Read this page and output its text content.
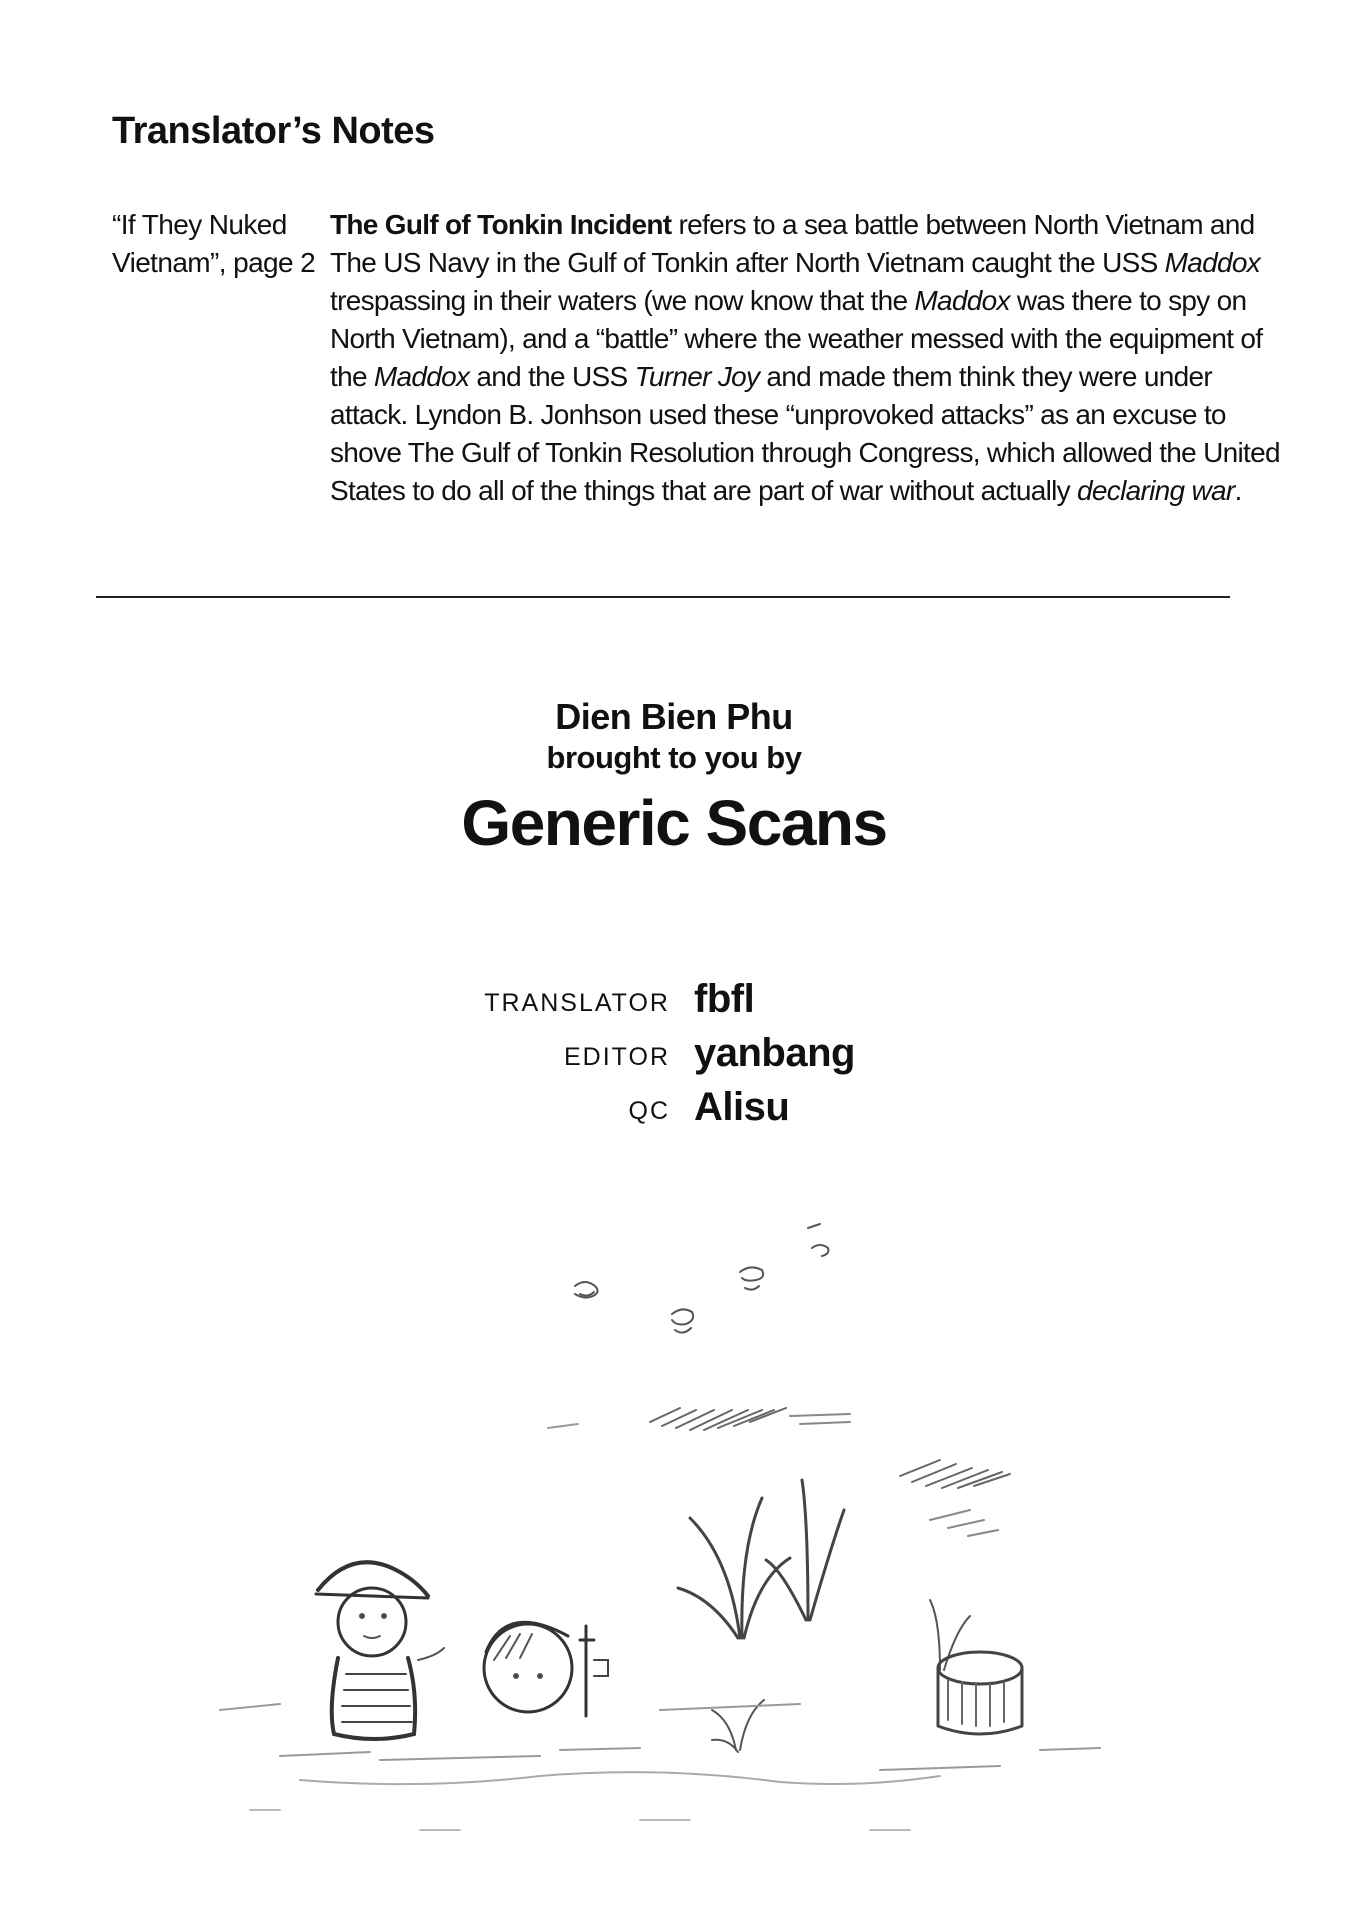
Translator’s Notes
“If They Nuked
Vietnam”, page 2
The Gulf of Tonkin Incident refers to a sea battle between North Vietnam and The US Navy in the Gulf of Tonkin after North Vietnam caught the USS Maddox trespassing in their waters (we now know that the Maddox was there to spy on North Vietnam), and a “battle” where the weather messed with the equipment of the Maddox and the USS Turner Joy and made them think they were under attack. Lyndon B. Jonhson used these “unprovoked attacks” as an excuse to shove The Gulf of Tonkin Resolution through Congress, which allowed the United States to do all of the things that are part of war without actually declaring war.
Dien Bien Phu
brought to you by
Generic Scans
TRANSLATOR fbfl
EDITOR yanbang
QC Alisu
